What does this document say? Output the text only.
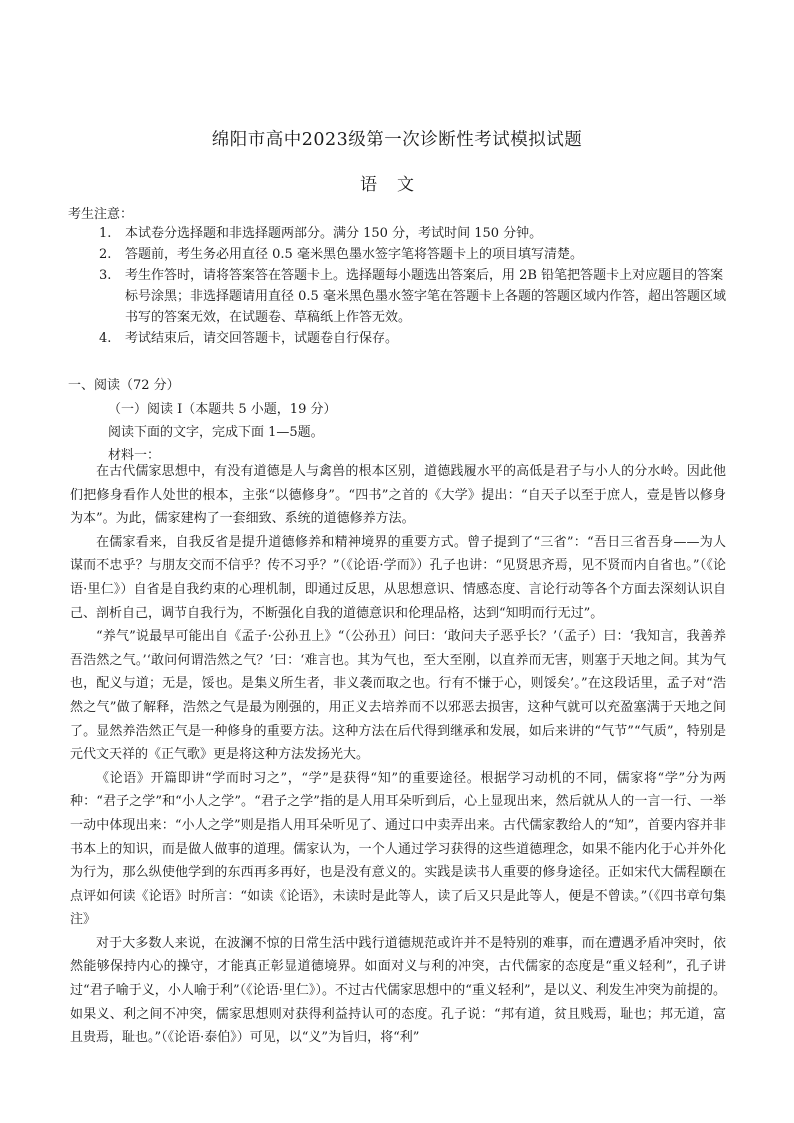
绵阳市高中2023级第一次诊断性考试模拟试题
语文
考生注意：
1.	本试卷分选择题和非选择题两部分。满分 150 分，考试时间 150 分钟。
2.	答题前，考生务必用直径 0.5 毫米黑色墨水签字笔将答题卡上的项目填写清楚。
3.	考生作答时，请将答案答在答题卡上。选择题每小题选出答案后，用 2B 铅笔把答题卡上对应题目的答案标号涂黑；非选择题请用直径 0.5 毫米黑色墨水签字笔在答题卡上各题的答题区域内作答，超出答题区域书写的答案无效，在试题卷、草稿纸上作答无效。
4.	考试结束后，请交回答题卡，试题卷自行保存。
一、阅读（72 分）
（一）阅读 I（本题共 5 小题，19 分）
阅读下面的文字，完成下面 1—5题。
材料一：

在古代儒家思想中，有没有道德是人与禽兽的根本区别，道德践履水平的高低是君子与小人的分水岭。因此他们把修身看作人处世的根本，主张“以德修身”。“四书”之首的《大学》提出：“自天子以至于庶人，壹是皆以修身为本”。为此，儒家建构了一套细致、系统的道德修养方法。

在儒家看来，自我反省是提升道德修养和精神境界的重要方式。曾子提到了“三省”：“吾日三省吾身——为人谋而不忠乎？与朋友交而不信乎？传不习乎？”（《论语·学而》）孔子也讲：“见贤思齐焉，见不贤而内自省也。”（《论语·里仁》）自省是自我约束的心理机制，即通过反思，从思想意识、情感态度、言论行动等各个方面去深刻认识自己、剖析自己，调节自我行为，不断强化自我的道德意识和伦理品格，达到“知明而行无过”。

“养气”说最早可能出自《孟子·公孙丑上》“（公孙丑）问曰：‘敢问夫子恶乎长？’（孟子）曰：‘我知言，我善养吾浩然之气。’‘敢问何谓浩然之气？’曰：‘难言也。其为气也，至大至刚，以直养而无害，则塞于天地之间。其为气也，配义与道；无是，馁也。是集义所生者，非义袭而取之也。行有不慊于心，则馁矣’。”在这段话里，孟子对“浩然之气”做了解释，浩然之气是最为刚强的，用正义去培养而不以邪恶去损害，这种气就可以充盈塞满于天地之间了。显然养浩然正气是一种修身的重要方法。这种方法在后代得到继承和发展，如后来讲的“气节”“气质”，特别是元代文天祥的《正气歌》更是将这种方法发扬光大。

《论语》开篇即讲“学而时习之”，“学”是获得“知”的重要途径。根据学习动机的不同，儒家将“学”分为两种：“君子之学”和“小人之学”。“君子之学”指的是人用耳朵听到后，心上显现出来，然后就从人的一言一行、一举一动中体现出来：“小人之学”则是指人用耳朵听见了、通过口中卖弄出来。古代儒家教给人的“知”，首要内容并非书本上的知识，而是做人做事的道理。儒家认为，一个人通过学习获得的这些道德理念，如果不能内化于心并外化为行为，那么纵使他学到的东西再多再好，也是没有意义的。实践是读书人重要的修身途径。正如宋代大儒程颐在点评如何读《论语》时所言：“如读《论语》，未读时是此等人，读了后又只是此等人，便是不曾读。”（《四书章句集注》

对于大多数人来说，在波澜不惊的日常生活中践行道德规范或许并不是特别的难事，而在遭遇矛盾冲突时，依然能够保持内心的操守，才能真正彰显道德境界。如面对义与利的冲突，古代儒家的态度是“重义轻利”，孔子讲过“君子喻于义，小人喻于利”（《论语·里仁》）。不过古代儒家思想中的“重义轻利”，是以义、利发生冲突为前提的。如果义、利之间不冲突，儒家思想则对获得利益持认可的态度。孔子说：“邦有道，贫且贱焉，耻也；邦无道，富且贵焉，耻也。”（《论语·泰伯》）可见，以“义”为旨归，将“利”
